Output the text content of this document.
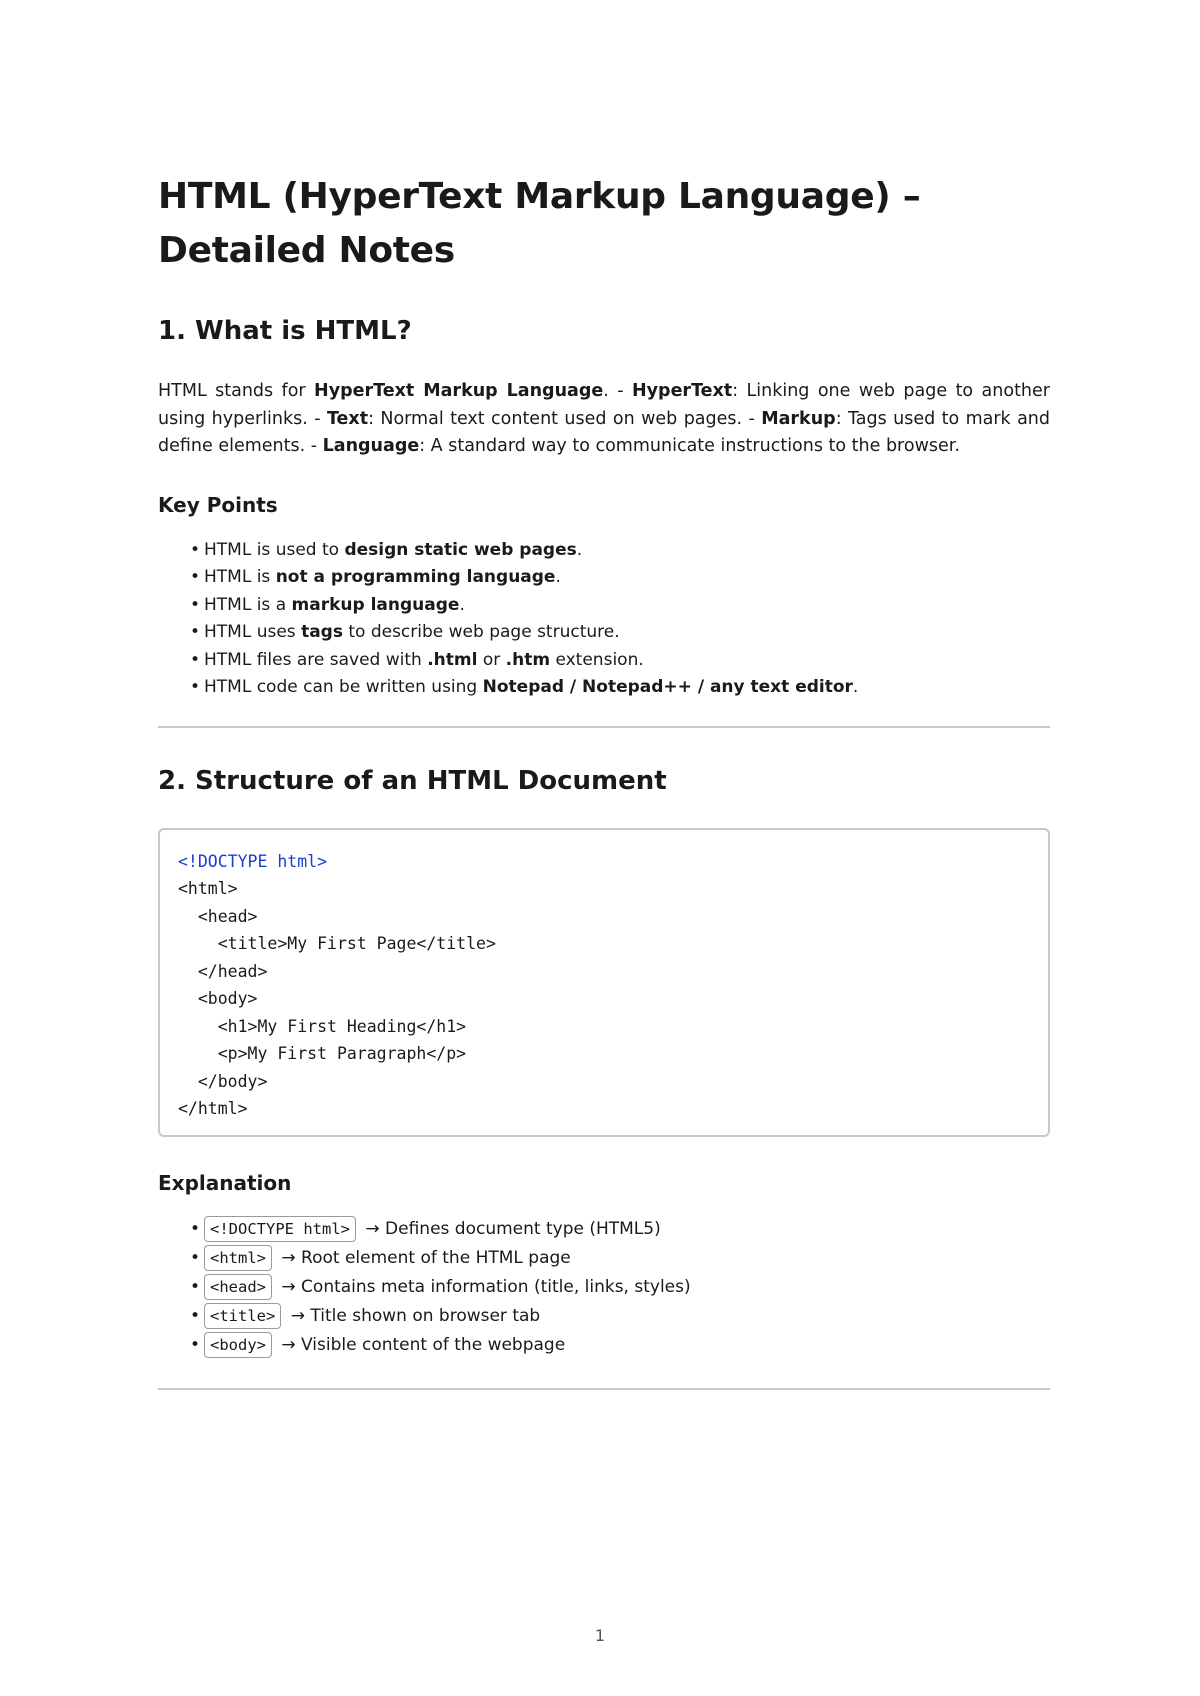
HTML (HyperText Markup Language) – Detailed Notes
1. What is HTML?

HTML stands for HyperText Markup Language. - HyperText: Linking one web page to another using hyperlinks. - Text: Normal text content used on web pages. - Markup: Tags used to mark and define elements. - Language: A standard way to communicate instructions to the browser.

Key Points
• HTML is used to design static web pages.
• HTML is not a programming language.
• HTML is a markup language.
• HTML uses tags to describe web page structure.
• HTML files are saved with .html or .htm extension.
• HTML code can be written using Notepad / Notepad++ / any text editor.
2. Structure of an HTML Document
<!DOCTYPE html>
<html>
<head>
<title>My First Page</title>
</head>
<body>
<h1>My First Heading</h1>
<p>My First Paragraph</p>
</body>
</html>
Explanation
• <!DOCTYPE html> → Defines document type (HTML5)
• <html> → Root element of the HTML page
• <head> → Contains meta information (title, links, styles)
• <title> → Title shown on browser tab
• <body> → Visible content of the webpage
1
